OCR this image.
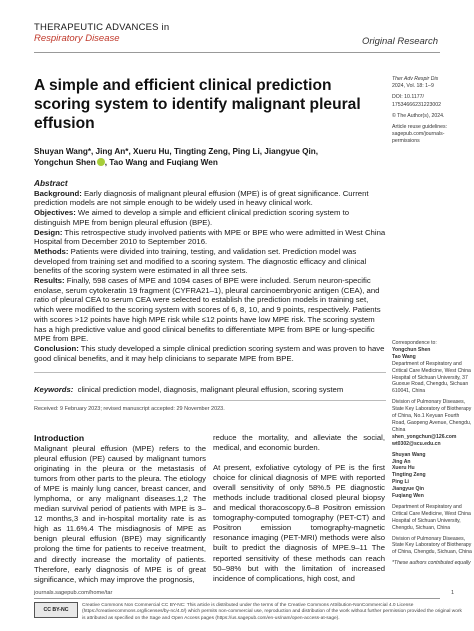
THERAPEUTIC ADVANCES in
Respiratory Disease	Original Research
A simple and efficient clinical prediction scoring system to identify malignant pleural effusion
Shuyan Wang*, Jing An*, Xueru Hu, Tingting Zeng, Ping Li, Jiangyue Qin,
Yongchun Shen , Tao Wang and Fuqiang Wen
Ther Adv Respir Dis
2024, Vol. 18: 1–9
DOI: 10.1177/
17534666231223002
© The Author(s), 2024.
Article reuse guidelines:
sagepub.com/journals-
permissions

Abstract

Background: Early diagnosis of malignant pleural effusion (MPE) is of great significance. Current prediction models are not simple enough to be widely used in heavy clinical work.

Objectives: We aimed to develop a simple and efficient clinical prediction scoring system to distinguish MPE from benign pleural effusion (BPE).

Design: This retrospective study involved patients with MPE or BPE who were admitted in West China Hospital from December 2010 to September 2016.

Methods: Patients were divided into training, testing, and validation set. Prediction model was developed from training set and modified to a scoring system. The diagnostic efficacy and clinical benefits of the scoring system were estimated in all three sets.

Results: Finally, 598 cases of MPE and 1094 cases of BPE were included. Serum neuron-specific enolase, serum cytokeratin 19 fragment (CYFRA21–1), pleural carcinoembryonic antigen (CEA), and ratio of pleural CEA to serum CEA were selected to establish the prediction models in training set, which were modified to the scoring system with scores of 6, 8, 10, and 9 points, respectively. Patients with scores >12 points have high MPE risk while ≤12 points have low MPE risk. The scoring system has a high predictive value and good clinical benefits to differentiate MPE from BPE or lung-specific MPE from BPE.

Conclusion: This study developed a simple clinical prediction scoring system and was proven to have good clinical benefits, and it may help clinicians to separate MPE from BPE.

Keywords: clinical prediction model, diagnosis, malignant pleural effusion, scoring system
Received: 9 February 2023; revised manuscript accepted: 29 November 2023.

Correspondence to:
Yongchun Shen
Tao Wang
Department of Respiratory and Critical Care Medicine, West China Hospital of Sichuan University, 37 Guoxue Road, Chengdu, Sichuan 610041, China

Division of Pulmonary Diseases, State Key Laboratory of Biotherapy of China, No.1 Keyuan Fourth Road, Gaopeng Avenue, Chengdu, China
shen_yongchun@126.com
wt0302@scu.edu.cn

Shuyan Wang
Jing An
Xueru Hu
Tingting Zeng
Ping Li
Jiangyue Qin
Fuqiang Wen

Department of Respiratory and Critical Care Medicine, West China Hospital of Sichuan University, Chengdu, Sichuan, China

Division of Pulmonary Diseases, State Key Laboratory of Biotherapy of China, Chengdu, Sichuan, China

*These authors contributed equally

Introduction

Malignant pleural effusion (MPE) refers to the pleural effusion (PE) caused by malignant tumors originating in the pleura or the metastasis of tumors from other parts to the pleura. The etiology of MPE is mainly lung cancer, breast cancer, and lymphoma, or any malignant diseases.1,2 The median survival period of patients with MPE is 3–12 months,3 and in-hospital mortality rate is as high as 11.6%.4 The misdiagnosis of MPE as benign pleural effusion (BPE) may significantly prolong the time for patients to receive treatment, and directly increase the mortality of patients. Therefore, early diagnosis of MPE is of great significance, which may improve the prognosis,

reduce the mortality, and alleviate the social, medical, and economic burden.

At present, exfoliative cytology of PE is the first choice for clinical diagnosis of MPE with reported overall sensitivity of only 58%.5 PE diagnostic methods include traditional closed pleural biopsy and medical thoracoscopy.6–8 Positron emission tomography-computed tomography (PET-CT) and Positron emission tomography-magnetic resonance imaging (PET-MRI) methods were also built to predict the diagnosis of MPE.9–11 The reported sensitivity of these methods can reach 50–98% but with the limitation of increased incidence of complications, high cost, and

journals.sagepub.com/home/tar	1
CC BY-NC
Creative Commons Non Commercial CC BY-NC: This article is distributed under the terms of the Creative Commons Attribution-NonCommercial 4.0 License (https://creativecommons.org/licenses/by-nc/4.0/) which permits non-commercial use, reproduction and distribution of the work without further permission provided the original work is attributed as specified on the Sage and Open Access pages (https://us.sagepub.com/en-us/nam/open-access-at-sage).
